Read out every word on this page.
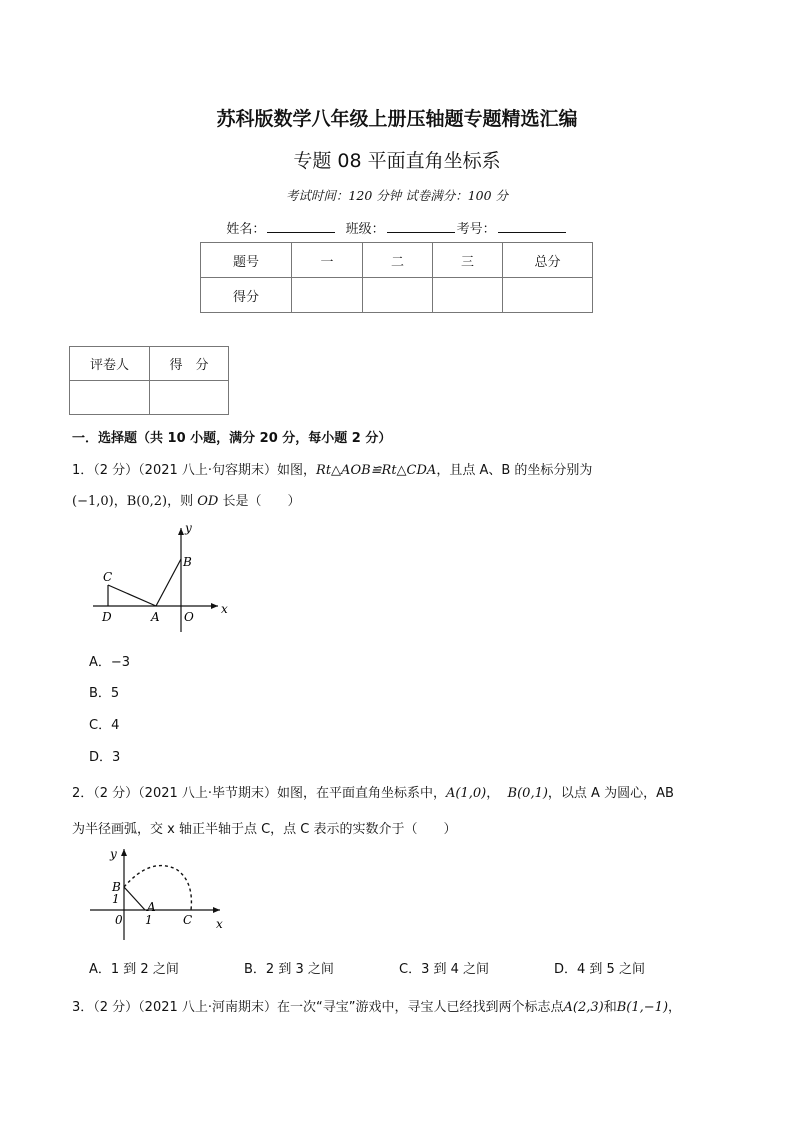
苏科版数学八年级上册压轴题专题精选汇编
专题 08 平面直角坐标系
考试时间：120 分钟 试卷满分：100 分
姓名：	班级：	考号：
题号	一	二	三	总分
得分				
评卷人	得　分

一．选择题（共 10 小题，满分 20 分，每小题 2 分）
1．（2 分）（2021 八上·句容期末）如图，Rt△AOB≌Rt△CDA，且点 A、B 的坐标分别为
(−1,0)，B(0,2)，则 OD 长是（　　）
y
x
B
C
D	A O
A．−3
B．5
C．4
D．3
2．（2 分）（2021 八上·毕节期末）如图，在平面直角坐标系中，A(1,0)， B(0,1)，以点 A 为圆心，AB
为半径画弧，交 x 轴正半轴于点 C，点 C 表示的实数介于（　　）
y
x
B
1
A
0 1	C
A．1 到 2 之间	B．2 到 3 之间	C．3 到 4 之间	D．4 到 5 之间
3．（2 分）（2021 八上·河南期末）在一次“寻宝”游戏中，寻宝人已经找到两个标志点A(2,3)和B(1,−1)，
